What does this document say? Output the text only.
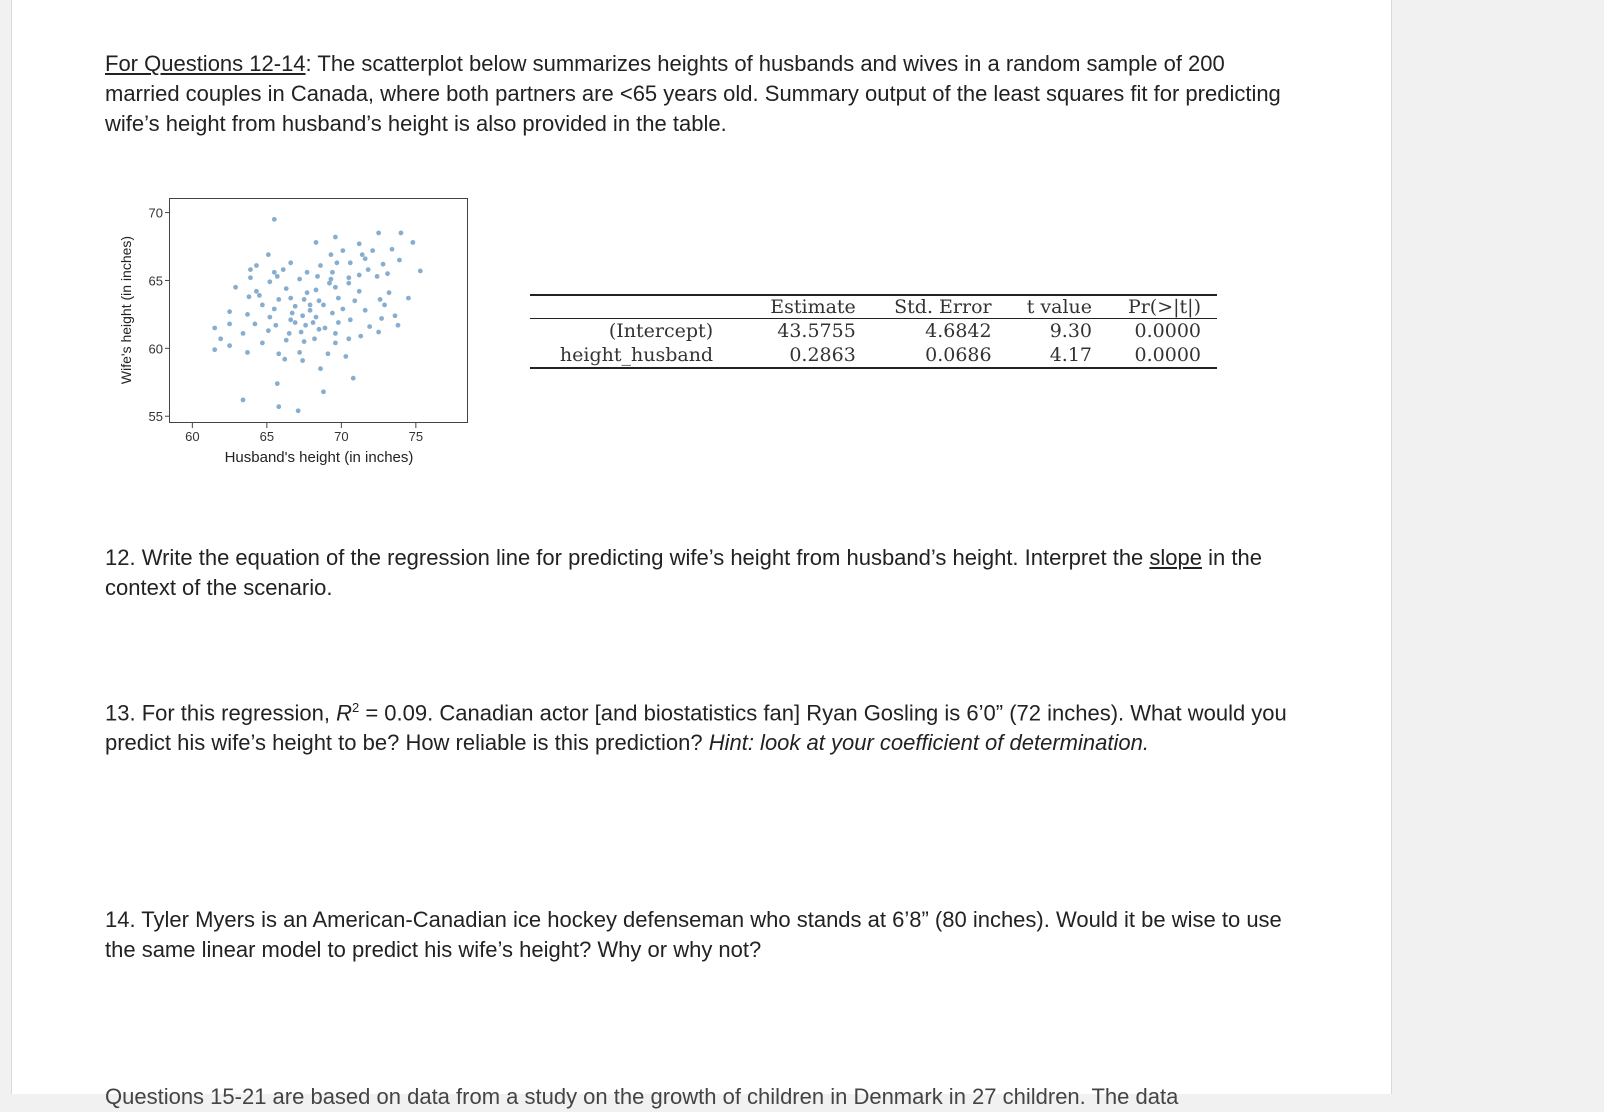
For Questions 12-14: The scatterplot below summarizes heights of husbands and wives in a random sample of 200 married couples in Canada, where both partners are <65 years old. Summary output of the least squares fit for predicting wife’s height from husband’s height is also provided in the table.
60	65	70	75
55
60
65
70
Husband's height (in inches)
Wife's height (in inches)
		Estimate	Std. Error	t value	Pr(>|t|)
(Intercept)	43.5755	4.6842	9.30	0.0000
height_husband	0.2863	0.0686	4.17	0.0000
12. Write the equation of the regression line for predicting wife’s height from husband’s height. Interpret the slope in the context of the scenario.
13. For this regression, $R^2 = 0.09$. Canadian actor [and biostatistics fan] Ryan Gosling is 6’0” (72 inches). What would you predict his wife’s height to be? How reliable is this prediction? Hint: look at your coefficient of determination.
14. Tyler Myers is an American-Canadian ice hockey defenseman who stands at 6’8” (80 inches). Would it be wise to use the same linear model to predict his wife’s height? Why or why not?
Questions 15-21 are based on data from a study on the growth of children in Denmark in 27 children. The data
